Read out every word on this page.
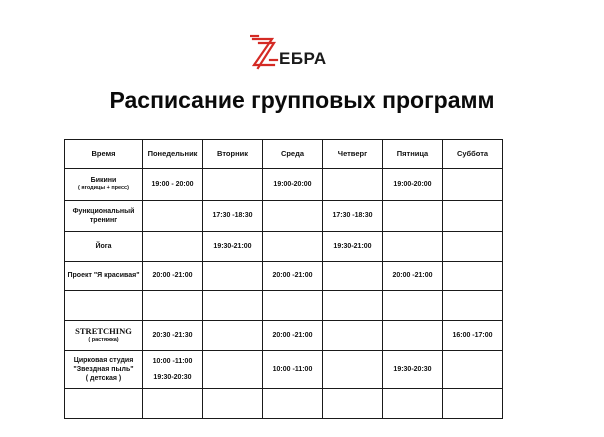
ЕБРА
Расписание групповых программ
Время	Понедельник	Вторник	Среда	Четверг	Пятница	Суббота

Бикини
( ягодицы + пресс)	19:00 - 20:00		19:00-20:00		19:00-20:00	

Функциональный
тренинг		17:30 -18:30		17:30 -18:30		

Йога		19:30-21:00		19:30-21:00		

Проект "Я красивая"	20:00 -21:00		20:00 -21:00		20:00 -21:00	

STRETCHING
( растяжка)	20:30 -21:30		20:00 -21:00			16:00 -17:00

Цирковая студия
"Звездная пыль"
( детская )	10:00 -11:00
19:30-20:30		10:00 -11:00		19:30-20:30	
